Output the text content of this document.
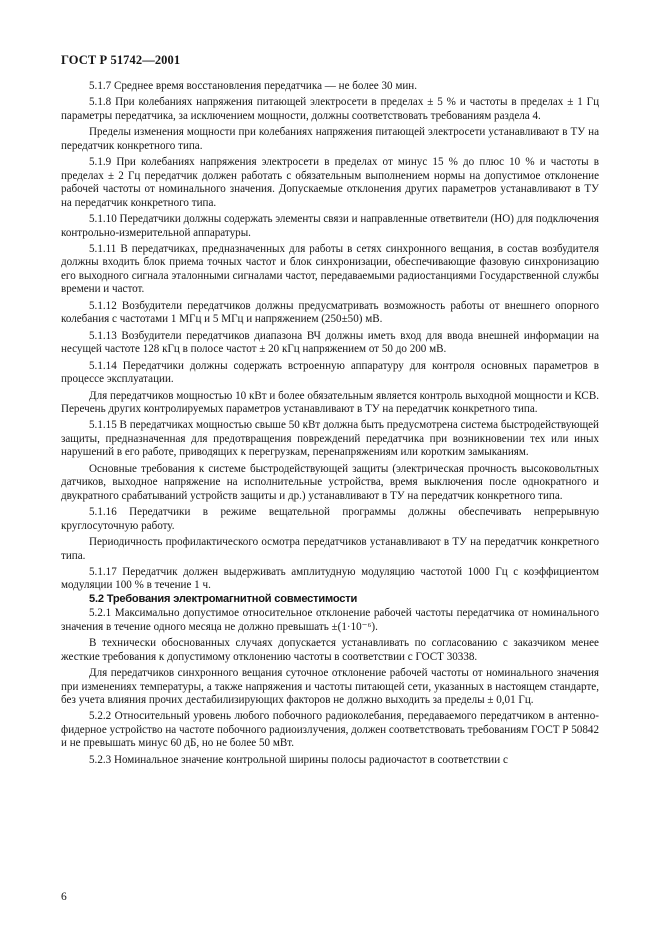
ГОСТ Р 51742—2001

5.1.7 Среднее время восстановления передатчика — не более 30 мин.

5.1.8 При колебаниях напряжения питающей электросети в пределах ± 5 % и частоты в пределах ± 1 Гц параметры передатчика, за исключением мощности, должны соответствовать требованиям раздела 4.

Пределы изменения мощности при колебаниях напряжения питающей электросети устанавливают в ТУ на передатчик конкретного типа.

5.1.9 При колебаниях напряжения электросети в пределах от минус 15 % до плюс 10 % и частоты в пределах ± 2 Гц передатчик должен работать с обязательным выполнением нормы на допустимое отклонение рабочей частоты от номинального значения. Допускаемые отклонения других параметров устанавливают в ТУ на передатчик конкретного типа.

5.1.10 Передатчики должны содержать элементы связи и направленные ответвители (НО) для подключения контрольно-измерительной аппаратуры.

5.1.11 В передатчиках, предназначенных для работы в сетях синхронного вещания, в состав возбудителя должны входить блок приема точных частот и блок синхронизации, обеспечивающие фазовую синхронизацию его выходного сигнала эталонными сигналами частот, передаваемыми радиостанциями Государственной службы времени и частот.

5.1.12 Возбудители передатчиков должны предусматривать возможность работы от внешнего опорного колебания с частотами 1 МГц и 5 МГц и напряжением (250±50) мВ.

5.1.13 Возбудители передатчиков диапазона ВЧ должны иметь вход для ввода внешней информации на несущей частоте 128 кГц в полосе частот ± 20 кГц напряжением от 50 до 200 мВ.

5.1.14 Передатчики должны содержать встроенную аппаратуру для контроля основных параметров в процессе эксплуатации.

Для передатчиков мощностью 10 кВт и более обязательным является контроль выходной мощности и КСВ. Перечень других контролируемых параметров устанавливают в ТУ на передатчик конкретного типа.

5.1.15 В передатчиках мощностью свыше 50 кВт должна быть предусмотрена система быстродействующей защиты, предназначенная для предотвращения повреждений передатчика при возникновении тех или иных нарушений в его работе, приводящих к перегрузкам, перенапряжениям или коротким замыканиям.

Основные требования к системе быстродействующей защиты (электрическая прочность высоковольтных датчиков, выходное напряжение на исполнительные устройства, время выключения после однократного и двукратного срабатываний устройств защиты и др.) устанавливают в ТУ на передатчик конкретного типа.

5.1.16 Передатчики в режиме вещательной программы должны обеспечивать непрерывную круглосуточную работу.

Периодичность профилактического осмотра передатчиков устанавливают в ТУ на передатчик конкретного типа.

5.1.17 Передатчик должен выдерживать амплитудную модуляцию частотой 1000 Гц с коэффициентом модуляции 100 % в течение 1 ч.

5.2 Требования электромагнитной совместимости

5.2.1 Максимально допустимое относительное отклонение рабочей частоты передатчика от номинального значения в течение одного месяца не должно превышать ±(1·10⁻⁶).

В технически обоснованных случаях допускается устанавливать по согласованию с заказчиком менее жесткие требования к допустимому отклонению частоты в соответствии с ГОСТ 30338.

Для передатчиков синхронного вещания суточное отклонение рабочей частоты от номинального значения при изменениях температуры, а также напряжения и частоты питающей сети, указанных в настоящем стандарте, без учета влияния прочих дестабилизирующих факторов не должно выходить за пределы ± 0,01 Гц.

5.2.2 Относительный уровень любого побочного радиоколебания, передаваемого передатчиком в антенно-фидерное устройство на частоте побочного радиоизлучения, должен соответствовать требованиям ГОСТ Р 50842 и не превышать минус 60 дБ, но не более 50 мВт.

5.2.3 Номинальное значение контрольной ширины полосы радиочастот в соответствии с

6
